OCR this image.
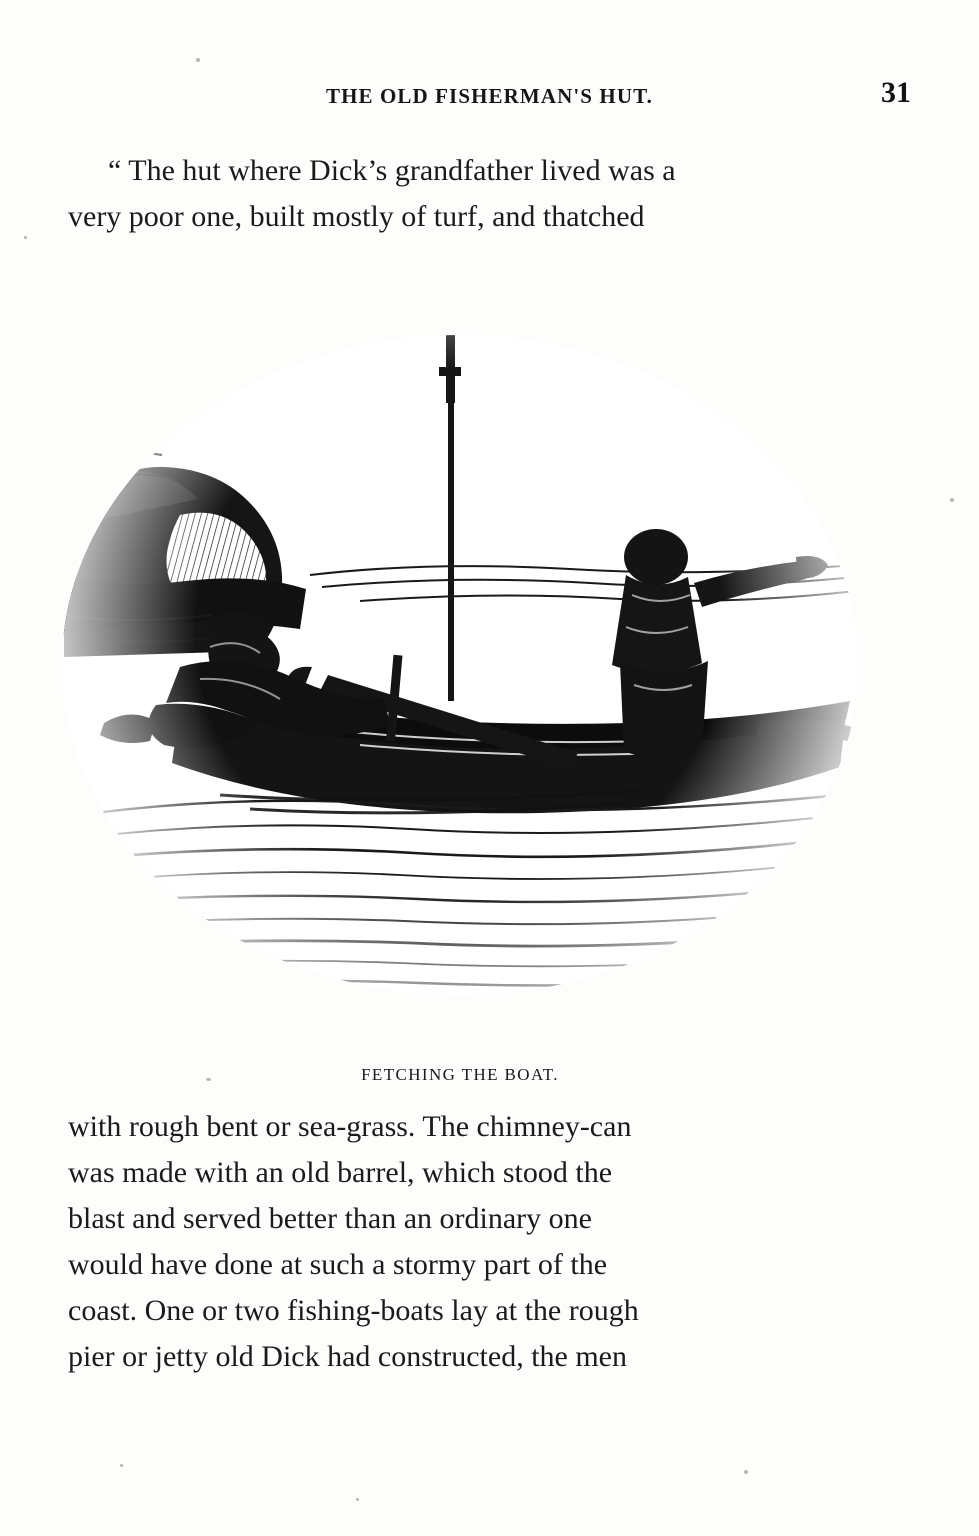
THE OLD FISHERMAN'S HUT.	31
“ The hut where Dick’s grandfather lived was a
very poor one, built mostly of turf, and thatched
FETCHING THE BOAT.
with rough bent or sea-grass. The chimney-can
was made with an old barrel, which stood the
blast and served better than an ordinary one
would have done at such a stormy part of the
coast. One or two fishing-boats lay at the rough
pier or jetty old Dick had constructed, the men
